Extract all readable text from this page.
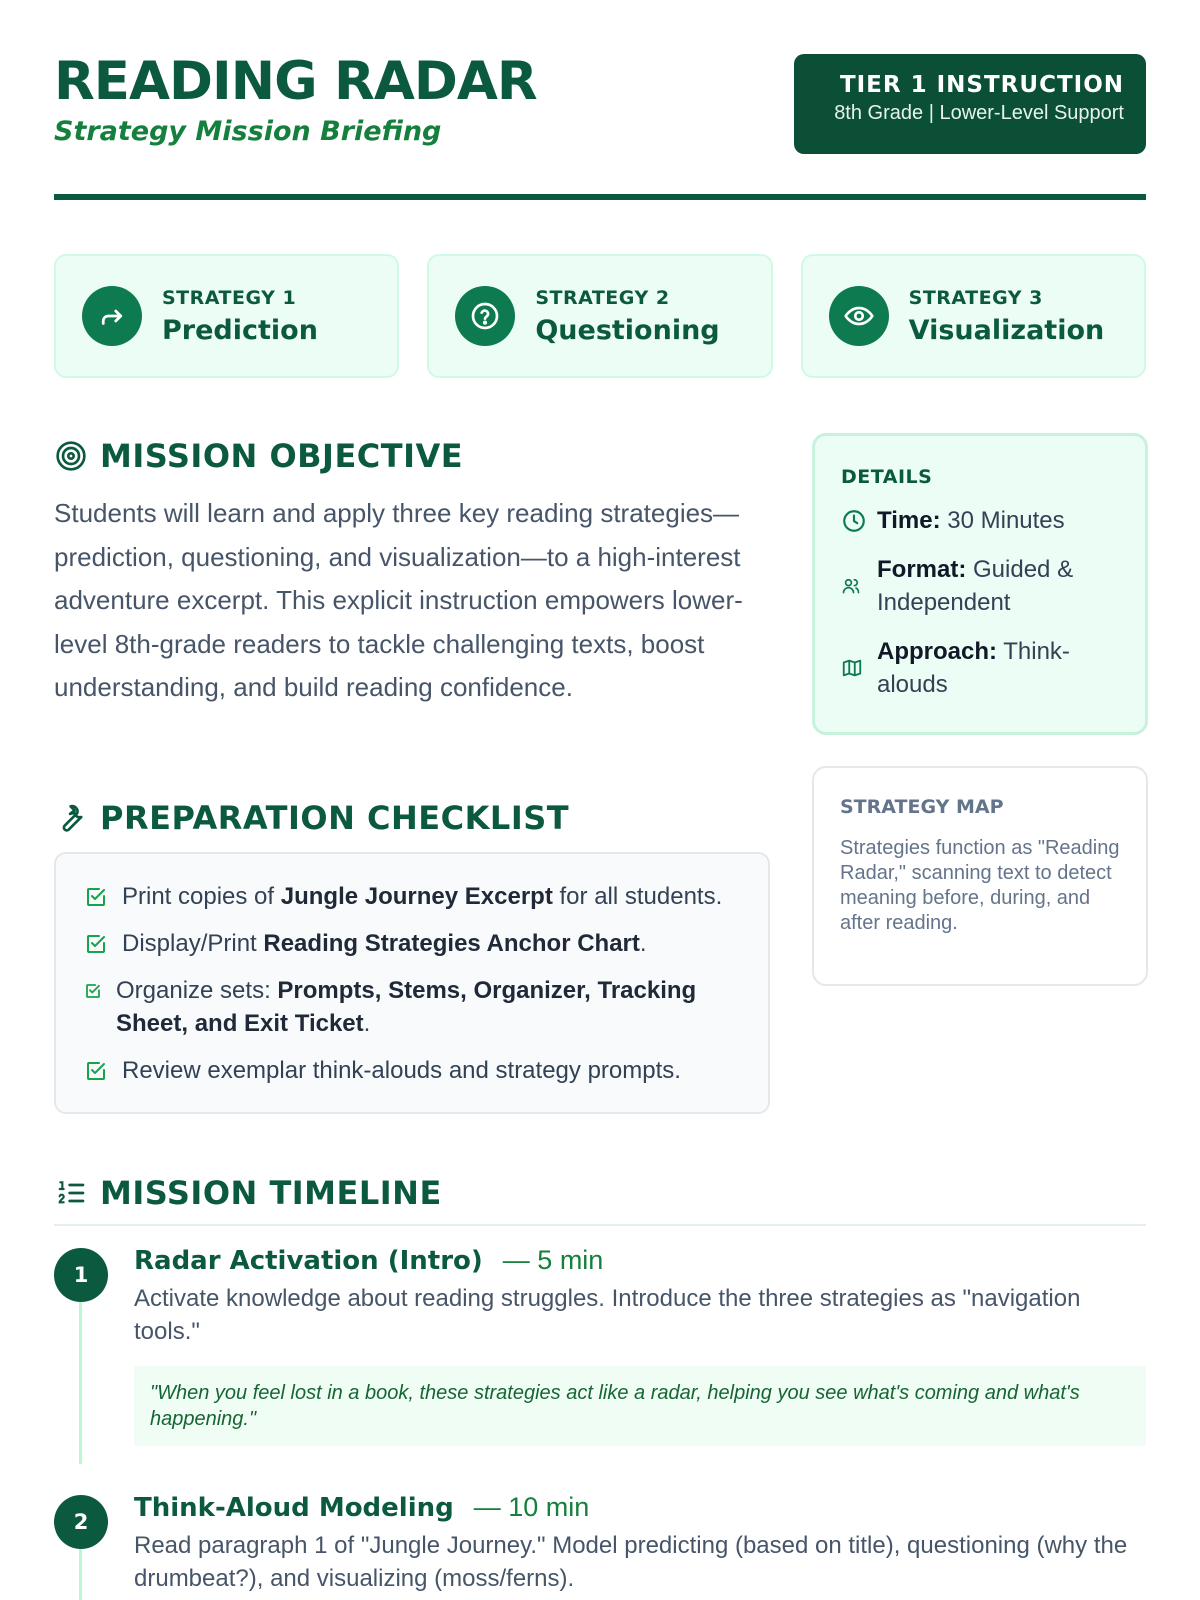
READING RADAR
Strategy Mission Briefing
TIER 1 INSTRUCTION
8th Grade | Lower-Level Support
STRATEGY 1
Prediction
STRATEGY 2
Questioning
STRATEGY 3
Visualization
MISSION OBJECTIVE
Students will learn and apply three key reading strategies—prediction, questioning, and visualization—to a high-interest adventure excerpt. This explicit instruction empowers lower-level 8th-grade readers to tackle challenging texts, boost understanding, and build reading confidence.
DETAILS
Time: 30 Minutes
Format: Guided & Independent
Approach: Think-alouds
STRATEGY MAP
Strategies function as "Reading Radar," scanning text to detect meaning before, during, and after reading.
PREPARATION CHECKLIST
Print copies of Jungle Journey Excerpt for all students.
Display/Print Reading Strategies Anchor Chart.
Organize sets: Prompts, Stems, Organizer, Tracking Sheet, and Exit Ticket.
Review exemplar think-alouds and strategy prompts.
MISSION TIMELINE
1	Radar Activation (Intro) — 5 min
Activate knowledge about reading struggles. Introduce the three strategies as "navigation tools."
"When you feel lost in a book, these strategies act like a radar, helping you see what's coming and what's happening."
2	Think-Aloud Modeling — 10 min
Read paragraph 1 of "Jungle Journey." Model predicting (based on title), questioning (why the drumbeat?), and visualizing (moss/ferns).
